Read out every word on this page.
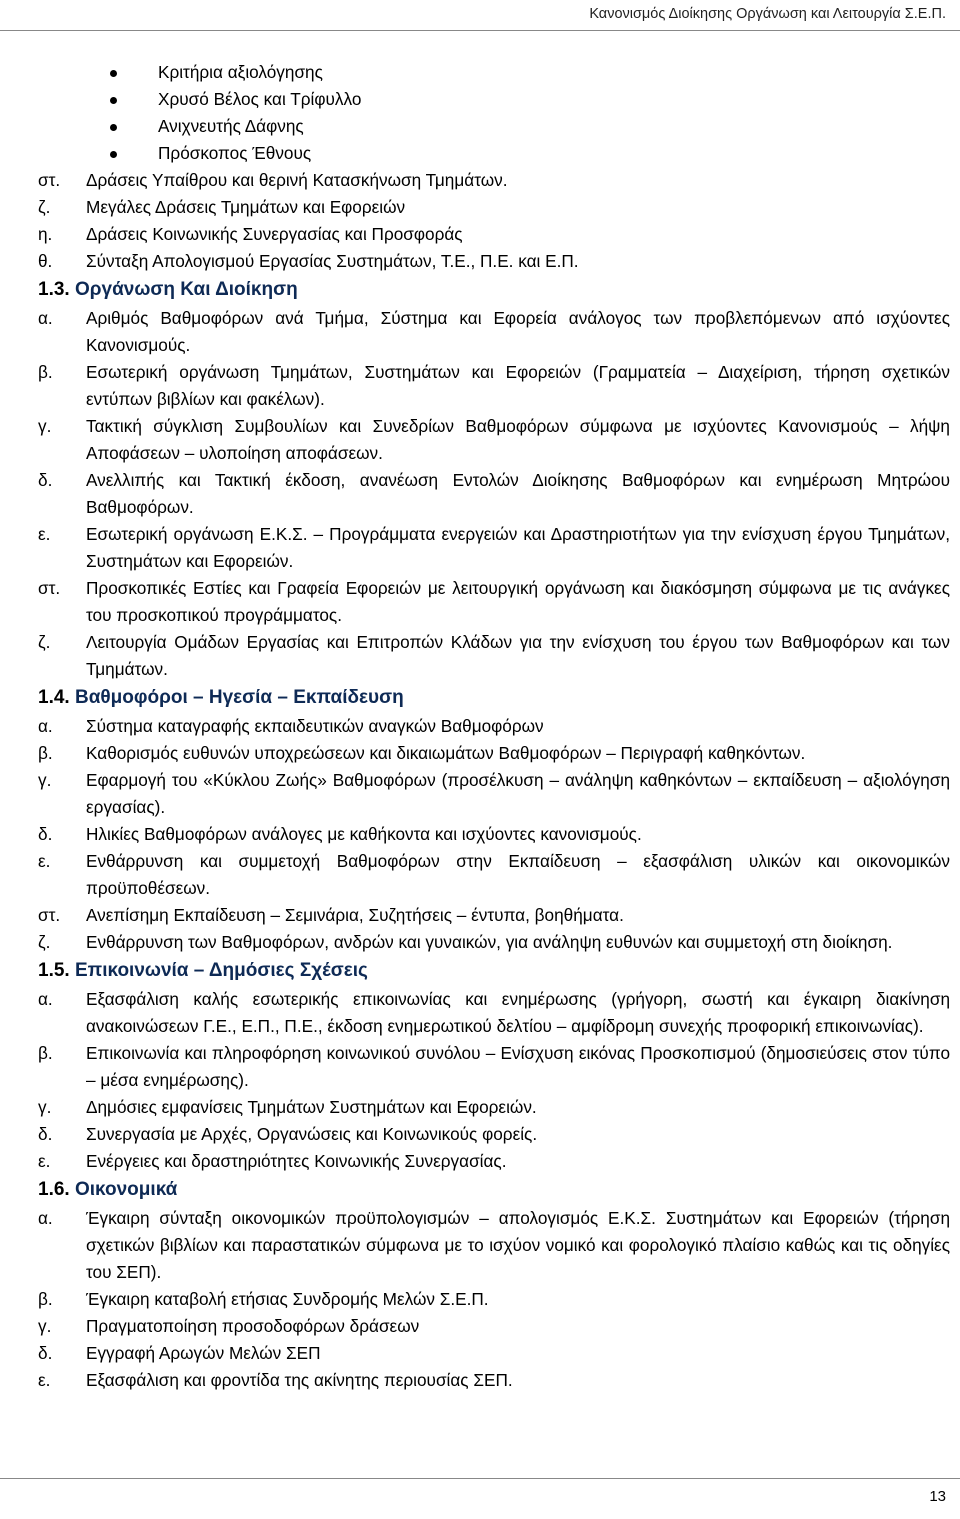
Κανονισμός Διοίκησης Οργάνωση και Λειτουργία Σ.Ε.Π.
Κριτήρια αξιολόγησης
Χρυσό Βέλος και Τρίφυλλο
Ανιχνευτής Δάφνης
Πρόσκοπος Έθνους
στ.	Δράσεις Υπαίθρου και θερινή Κατασκήνωση Τμημάτων.
ζ.	Μεγάλες Δράσεις Τμημάτων και Εφορειών
η.	Δράσεις Κοινωνικής Συνεργασίας και Προσφοράς
θ.	Σύνταξη Απολογισμού Εργασίας Συστημάτων, Τ.Ε., Π.Ε. και Ε.Π.
1.3. Οργάνωση Και Διοίκηση
α.	Αριθμός Βαθμοφόρων ανά Τμήμα, Σύστημα και Εφορεία ανάλογος των προβλεπόμενων από ισχύοντες Κανονισμούς.
β.	Εσωτερική οργάνωση Τμημάτων, Συστημάτων και Εφορειών (Γραμματεία – Διαχείριση, τήρηση σχετικών εντύπων βιβλίων και φακέλων).
γ.	Τακτική σύγκλιση Συμβουλίων και Συνεδρίων Βαθμοφόρων σύμφωνα με ισχύοντες Κανονισμούς – λήψη Αποφάσεων – υλοποίηση αποφάσεων.
δ.	Ανελλιπής και Τακτική έκδοση, ανανέωση Εντολών Διοίκησης Βαθμοφόρων και ενημέρωση Μητρώου Βαθμοφόρων.
ε.	Εσωτερική οργάνωση Ε.Κ.Σ. – Προγράμματα ενεργειών και Δραστηριοτήτων για την ενίσχυση έργου Τμημάτων, Συστημάτων και Εφορειών.
στ.	Προσκοπικές Εστίες και Γραφεία Εφορειών με λειτουργική οργάνωση και διακόσμηση σύμφωνα με τις ανάγκες του προσκοπικού προγράμματος.
ζ.	Λειτουργία Ομάδων Εργασίας και Επιτροπών Κλάδων για την ενίσχυση του έργου των Βαθμοφόρων και των Τμημάτων.
1.4. Βαθμοφόροι – Ηγεσία – Εκπαίδευση
α.	Σύστημα καταγραφής εκπαιδευτικών αναγκών Βαθμοφόρων
β.	Καθορισμός ευθυνών υποχρεώσεων και δικαιωμάτων Βαθμοφόρων – Περιγραφή καθηκόντων.
γ.	Εφαρμογή του «Κύκλου Ζωής» Βαθμοφόρων (προσέλκυση – ανάληψη καθηκόντων – εκπαίδευση – αξιολόγηση εργασίας).
δ.	Ηλικίες Βαθμοφόρων ανάλογες με καθήκοντα και ισχύοντες κανονισμούς.
ε.	Ενθάρρυνση και συμμετοχή Βαθμοφόρων στην Εκπαίδευση – εξασφάλιση υλικών και οικονομικών προϋποθέσεων.
στ.	Ανεπίσημη Εκπαίδευση – Σεμινάρια, Συζητήσεις – έντυπα, βοηθήματα.
ζ.	Ενθάρρυνση των Βαθμοφόρων, ανδρών και γυναικών, για ανάληψη ευθυνών και συμμετοχή στη διοίκηση.
1.5. Επικοινωνία – Δημόσιες Σχέσεις
α.	Εξασφάλιση καλής εσωτερικής επικοινωνίας και ενημέρωσης (γρήγορη, σωστή και έγκαιρη διακίνηση ανακοινώσεων Γ.Ε., Ε.Π., Π.Ε., έκδοση ενημερωτικού δελτίου – αμφίδρομη συνεχής προφορική επικοινωνίας).
β.	Επικοινωνία και πληροφόρηση κοινωνικού συνόλου – Ενίσχυση εικόνας Προσκοπισμού (δημοσιεύσεις στον τύπο – μέσα ενημέρωσης).
γ.	Δημόσιες εμφανίσεις Τμημάτων Συστημάτων και Εφορειών.
δ.	Συνεργασία με Αρχές, Οργανώσεις και Κοινωνικούς φορείς.
ε.	Ενέργειες και δραστηριότητες Κοινωνικής Συνεργασίας.
1.6. Οικονομικά
α.	Έγκαιρη σύνταξη οικονομικών προϋπολογισμών – απολογισμός Ε.Κ.Σ. Συστημάτων και Εφορειών (τήρηση σχετικών βιβλίων και παραστατικών σύμφωνα με το ισχύον νομικό και φορολογικό πλαίσιο καθώς και τις οδηγίες του ΣΕΠ).
β.	Έγκαιρη καταβολή ετήσιας Συνδρομής Μελών Σ.Ε.Π.
γ.	Πραγματοποίηση προσοδοφόρων δράσεων
δ.	Εγγραφή Αρωγών Μελών ΣΕΠ
ε.	Εξασφάλιση και φροντίδα της ακίνητης περιουσίας ΣΕΠ.
13
